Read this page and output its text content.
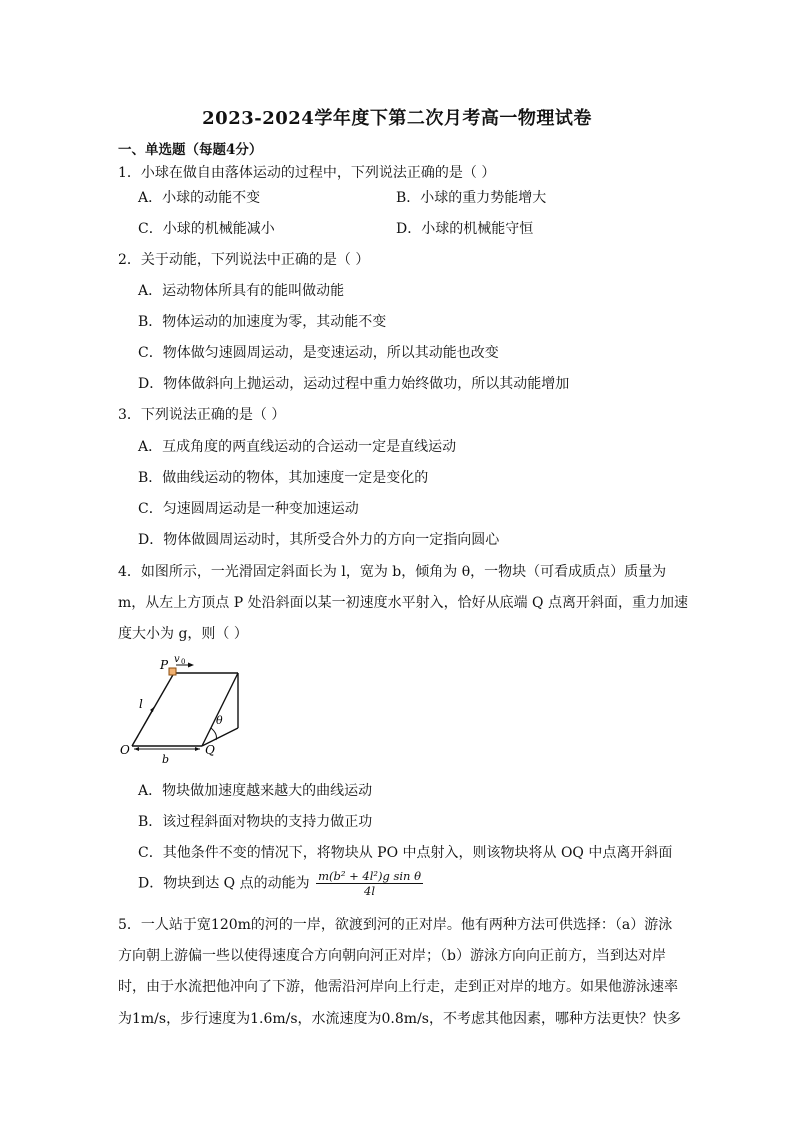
2023-2024学年度下第二次月考高一物理试卷
一、单选题（每题4分）
1．小球在做自由落体运动的过程中，下列说法正确的是（ ）
A．小球的动能不变	B．小球的重力势能增大
C．小球的机械能减小	D．小球的机械能守恒
2．关于动能，下列说法中正确的是（ ）
A．运动物体所具有的能叫做动能
B．物体运动的加速度为零，其动能不变
C．物体做匀速圆周运动，是变速运动，所以其动能也改变
D．物体做斜向上抛运动，运动过程中重力始终做功，所以其动能增加
3．下列说法正确的是（ ）
A．互成角度的两直线运动的合运动一定是直线运动
B．做曲线运动的物体，其加速度一定是变化的
C．匀速圆周运动是一种变加速运动
D．物体做圆周运动时，其所受合外力的方向一定指向圆心
4．如图所示，一光滑固定斜面长为 l，宽为 b，倾角为 θ，一物块（可看成质点）质量为
m，从左上方顶点 P 处沿斜面以某一初速度水平射入，恰好从底端 Q 点离开斜面，重力加速
度大小为 g，则（ ）
P v 0
l
O
b
Q
θ
A．物块做加速度越来越大的曲线运动
B．该过程斜面对物块的支持力做正功
C．其他条件不变的情况下，将物块从 PO 中点射入，则该物块将从 OQ 中点离开斜面
D．物块到达 Q 点的动能为 $\frac{\text{m(b² + 4l²)g sin θ}}{4l}$
5．一人站于宽120m的河的一岸，欲渡到河的正对岸。他有两种方法可供选择：（a）游泳
方向朝上游偏一些以使得速度合方向朝向河正对岸；（b）游泳方向向正前方，当到达对岸
时，由于水流把他冲向了下游，他需沿河岸向上行走，走到正对岸的地方。如果他游泳速率
为1m/s，步行速度为1.6m/s，水流速度为0.8m/s，不考虑其他因素，哪种方法更快？快多
